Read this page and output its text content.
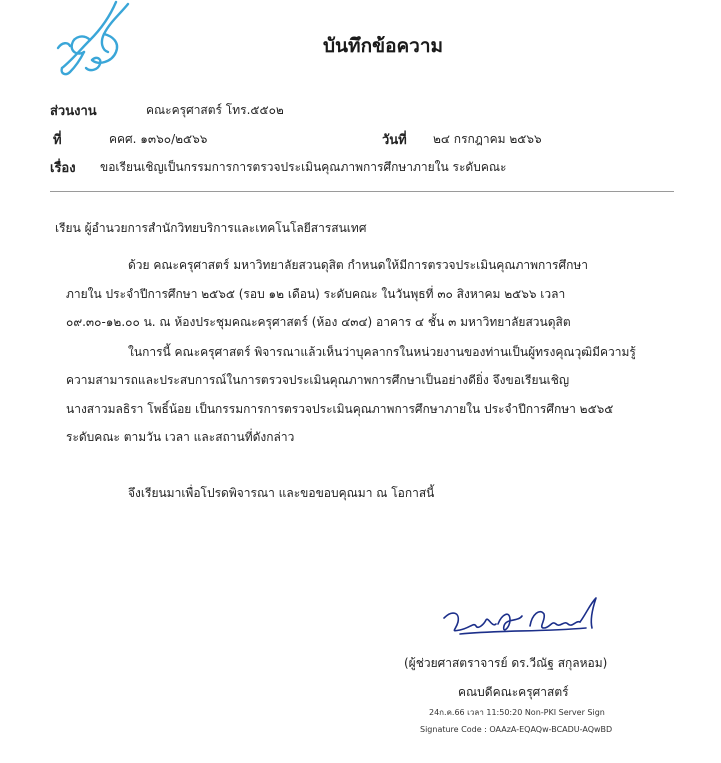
บันทึกข้อความ
ส่วนงาน	คณะครุศาสตร์ โทร.๕๕๐๒
ที่	คคศ. ๑๓๖๐/๒๕๖๖	วันที่ ๒๔ กรกฎาคม ๒๕๖๖
เรื่อง ขอเรียนเชิญเป็นกรรมการการตรวจประเมินคุณภาพการศึกษาภายใน ระดับคณะ
เรียน ผู้อำนวยการสำนักวิทยบริการและเทคโนโลยีสารสนเทศ
ด้วย คณะครุศาสตร์ มหาวิทยาลัยสวนดุสิต กำหนดให้มีการตรวจประเมินคุณภาพการศึกษา
ภายใน ประจำปีการศึกษา ๒๕๖๕ (รอบ ๑๒ เดือน) ระดับคณะ ในวันพุธที่ ๓๐ สิงหาคม ๒๕๖๖ เวลา
๐๙.๓๐-๑๒.๐๐ น. ณ ห้องประชุมคณะครุศาสตร์ (ห้อง ๔๓๔) อาคาร ๔ ชั้น ๓ มหาวิทยาลัยสวนดุสิต
ในการนี้ คณะครุศาสตร์ พิจารณาแล้วเห็นว่าบุคลากรในหน่วยงานของท่านเป็นผู้ทรงคุณวุฒิมีความรู้
ความสามารถและประสบการณ์ในการตรวจประเมินคุณภาพการศึกษาเป็นอย่างดียิ่ง จึงขอเรียนเชิญ
นางสาวมลธิรา โพธิ์น้อย เป็นกรรมการการตรวจประเมินคุณภาพการศึกษาภายใน ประจำปีการศึกษา ๒๕๖๕
ระดับคณะ ตามวัน เวลา และสถานที่ดังกล่าว
จึงเรียนมาเพื่อโปรดพิจารณา และขอขอบคุณมา ณ โอกาสนี้
(ผู้ช่วยศาสตราจารย์ ดร.วีณัฐ สกุลหอม)
คณบดีคณะครุศาสตร์
24ก.ค.66 เวลา 11:50:20 Non-PKI Server Sign
Signature Code : OAAzA-EQAQw-BCADU-AQwBD
